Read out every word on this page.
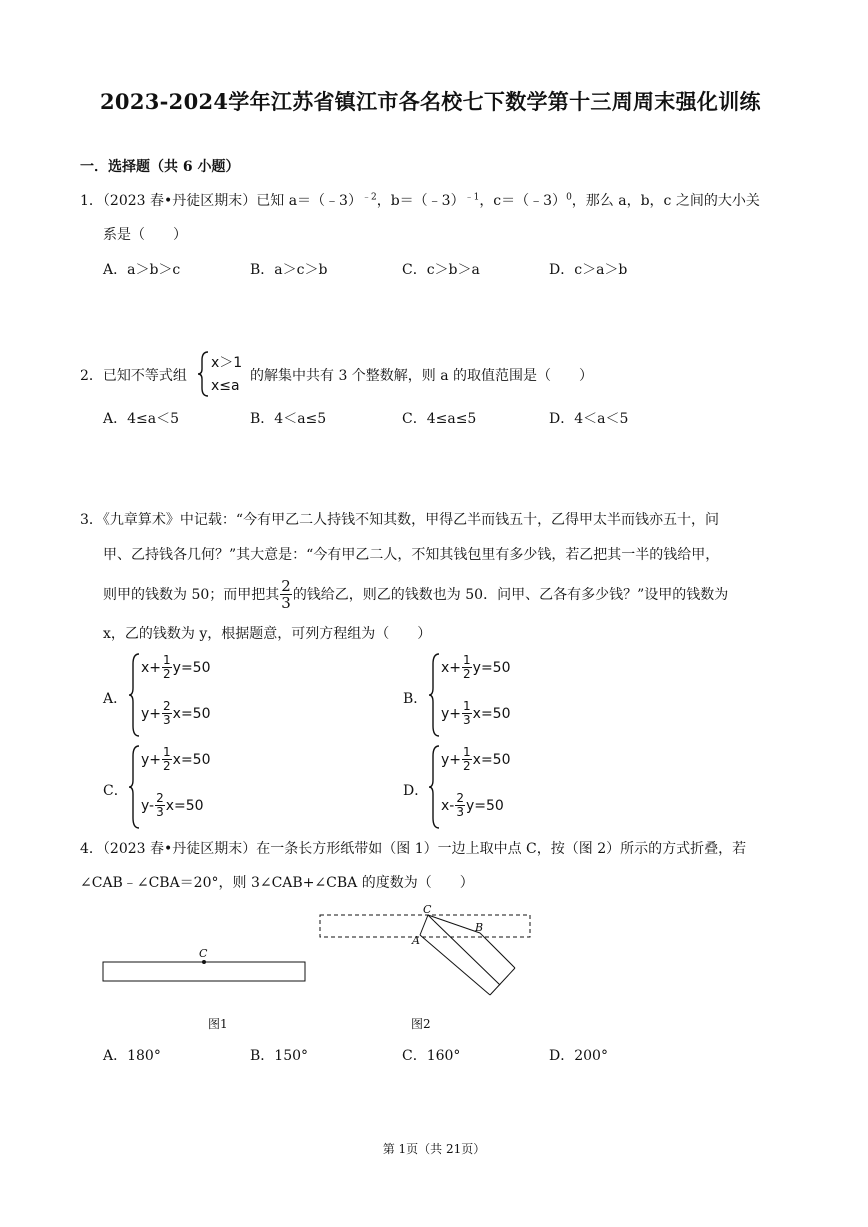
2023-2024学年江苏省镇江市各名校七下数学第十三周周末强化训练
一．选择题（共 6 小题）
1．（2023 春•丹徒区期末）已知 a＝（﹣3）$^{﹣2}$，b＝（﹣3）$^{﹣1}$，c＝（﹣3）$^0$，那么 a，b，c 之间的大小关
系是（　　）
A．a＞b＞c	B．a＞c＞b	C．c＞b＞a	D．c＞a＞b
2．已知不等式组
x＞1
x≤a
的解集中共有 3 个整数解，则 a 的取值范围是（　　）
A．4≤a＜5	B．4＜a≤5	C．4≤a≤5	D．4＜a＜5
3．《九章算术》中记载：“今有甲乙二人持钱不知其数，甲得乙半而钱五十，乙得甲太半而钱亦五十，问
甲、乙持钱各几何？”其大意是：“今有甲乙二人，不知其钱包里有多少钱，若乙把其一半的钱给甲，
则甲的钱数为 50；而甲把其 $\frac{2}{3}$ 的钱给乙，则乙的钱数也为 50．问甲、乙各有多少钱？”设甲的钱数为
x，乙的钱数为 y，根据题意，可列方程组为（　　）
A．
$x+ \frac{1}{2} y=50$
$y+ \frac{2}{3} x=50$
B．
$x+ \frac{1}{2} y=50$
$y+ \frac{1}{3} x=50$
C．
$y+ \frac{1}{2} x=50$
$y- \frac{2}{3} x=50$
D．
$y+ \frac{1}{2} x=50$
$x- \frac{2}{3} y=50$
4．（2023 春•丹徒区期末）在一条长方形纸带如（图 1）一边上取中点 C，按（图 2）所示的方式折叠，若
∠CAB﹣∠CBA＝20°，则 3∠CAB+∠CBA 的度数为（　　）
C
图1
C
A
B
图2
A．180°	B．150°	C．160°	D．200°
第 1页（共 21页）
